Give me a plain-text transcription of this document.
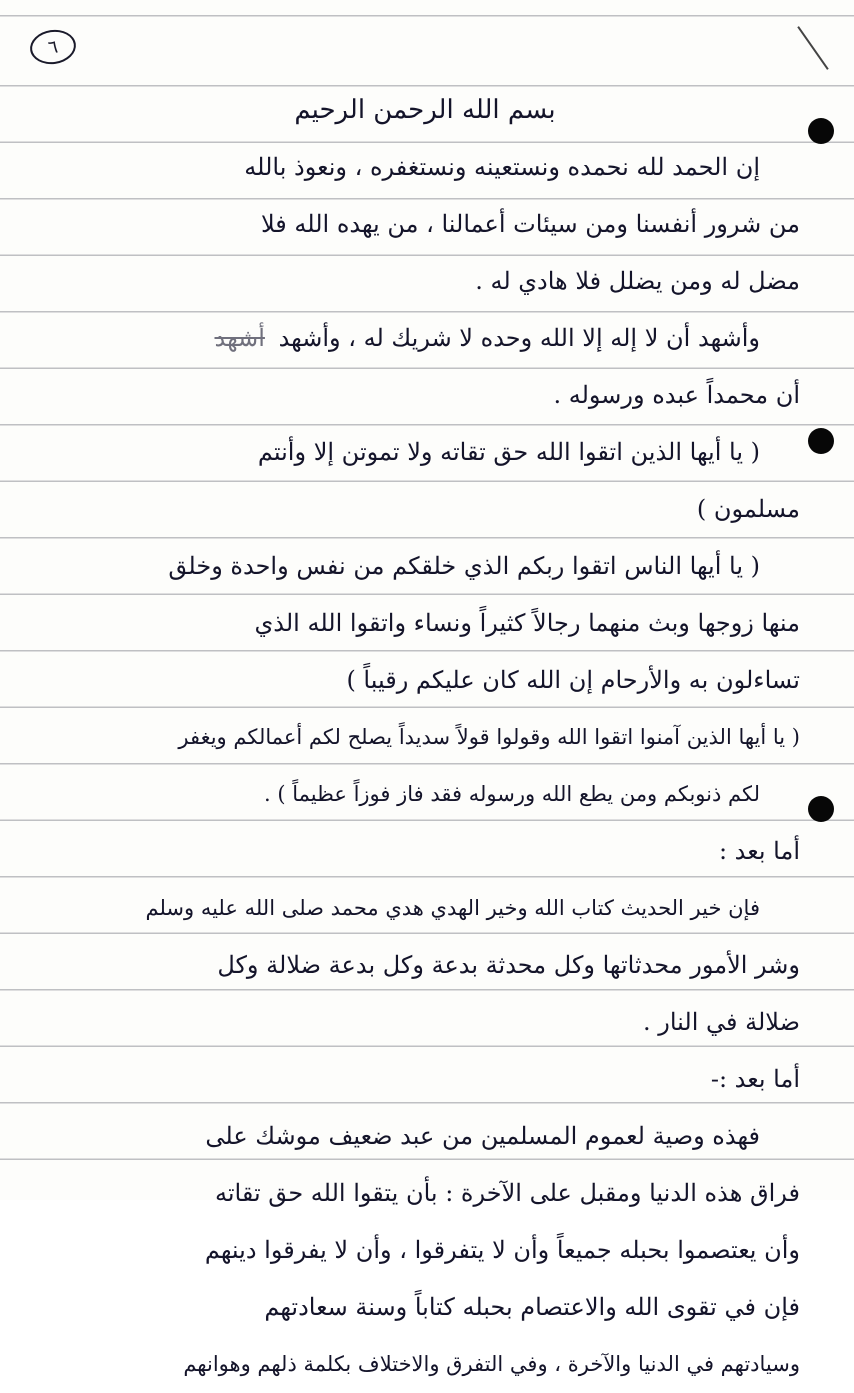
٦
بسم الله الرحمن الرحيم
إن الحمد لله نحمده ونستعينه ونستغفره ، ونعوذ بالله
من شرور أنفسنا ومن سيئات أعمالنا ، من يهده الله فلا
مضل له ومن يضلل فلا هادي له .
وأشهد أن لا إله إلا الله وحده لا شريك له ، وأشهد أشهد
أن محمداً عبده ورسوله .
( يا أيها الذين اتقوا الله حق تقاته ولا تموتن إلا وأنتم
مسلمون )
( يا أيها الناس اتقوا ربكم الذي خلقكم من نفس واحدة وخلق
منها زوجها وبث منهما رجالاً كثيراً ونساء واتقوا الله الذي
تساءلون به والأرحام إن الله كان عليكم رقيباً )
( يا أيها الذين آمنوا اتقوا الله وقولوا قولاً سديداً يصلح لكم أعمالكم ويغفر
لكم ذنوبكم ومن يطع الله ورسوله فقد فاز فوزاً عظيماً ) .
أما بعد :
فإن خير الحديث كتاب الله وخير الهدي هدي محمد صلى الله عليه وسلم
وشر الأمور محدثاتها وكل محدثة بدعة وكل بدعة ضلالة وكل
ضلالة في النار .
أما بعد :-
فهذه وصية لعموم المسلمين من عبد ضعيف موشك على
فراق هذه الدنيا ومقبل على الآخرة : بأن يتقوا الله حق تقاته
وأن يعتصموا بحبله جميعاً وأن لا يتفرقوا ، وأن لا يفرقوا دينهم
فإن في تقوى الله والاعتصام بحبله كتاباً وسنة سعادتهم
وسيادتهم في الدنيا والآخرة ، وفي التفرق والاختلاف بكلمة ذلهم وهوانهم
